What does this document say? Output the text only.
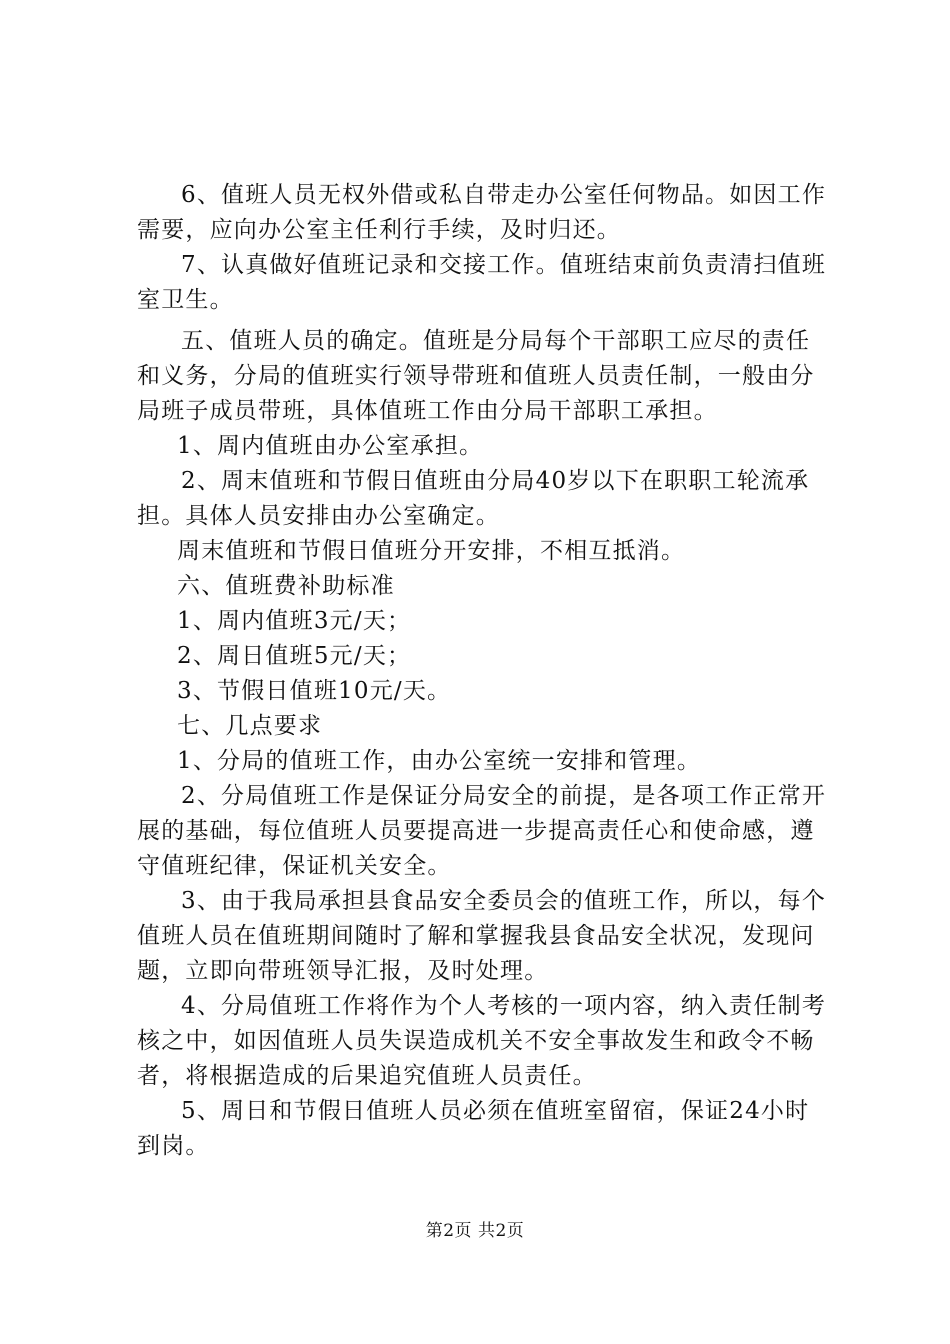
6、值班人员无权外借或私自带走办公室任何物品。如因工作需要，应向办公室主任利行手续，及时归还。

7、认真做好值班记录和交接工作。值班结束前负责清扫值班室卫生。

五、值班人员的确定。值班是分局每个干部职工应尽的责任和义务，分局的值班实行领导带班和值班人员责任制，一般由分局班子成员带班，具体值班工作由分局干部职工承担。

1、周内值班由办公室承担。

2、周末值班和节假日值班由分局40岁以下在职职工轮流承担。具体人员安排由办公室确定。

周末值班和节假日值班分开安排，不相互抵消。

六、值班费补助标准

1、周内值班3元/天；

2、周日值班5元/天；

3、节假日值班10元/天。

七、几点要求

1、分局的值班工作，由办公室统一安排和管理。

2、分局值班工作是保证分局安全的前提，是各项工作正常开展的基础，每位值班人员要提高进一步提高责任心和使命感，遵守值班纪律，保证机关安全。

3、由于我局承担县食品安全委员会的值班工作，所以，每个值班人员在值班期间随时了解和掌握我县食品安全状况，发现问题，立即向带班领导汇报，及时处理。

4、分局值班工作将作为个人考核的一项内容，纳入责任制考核之中，如因值班人员失误造成机关不安全事故发生和政令不畅者，将根据造成的后果追究值班人员责任。

5、周日和节假日值班人员必须在值班室留宿，保证24小时到岗。

第2页 共2页
